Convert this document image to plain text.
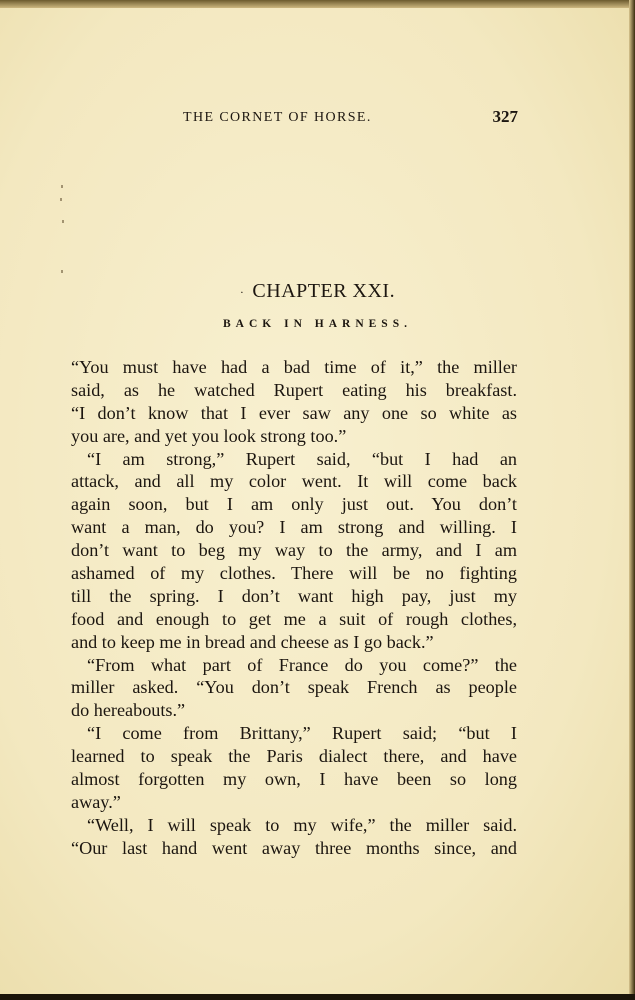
THE CORNET OF HORSE.	327
· CHAPTER XXI.
BACK IN HARNESS.
“You must have had a bad time of it,” the miller
said, as he watched Rupert eating his breakfast.
“I don’t know that I ever saw any one so white as
you are, and yet you look strong too.”
“I am strong,” Rupert said, “but I had an
attack, and all my color went. It will come back
again soon, but I am only just out. You don’t
want a man, do you? I am strong and willing. I
don’t want to beg my way to the army, and I am
ashamed of my clothes. There will be no fighting
till the spring. I don’t want high pay, just my
food and enough to get me a suit of rough clothes,
and to keep me in bread and cheese as I go back.”
“From what part of France do you come?” the
miller asked. “You don’t speak French as people
do hereabouts.”
“I come from Brittany,” Rupert said; “but I
learned to speak the Paris dialect there, and have
almost forgotten my own, I have been so long
away.”
“Well, I will speak to my wife,” the miller said.
“Our last hand went away three months since, and
